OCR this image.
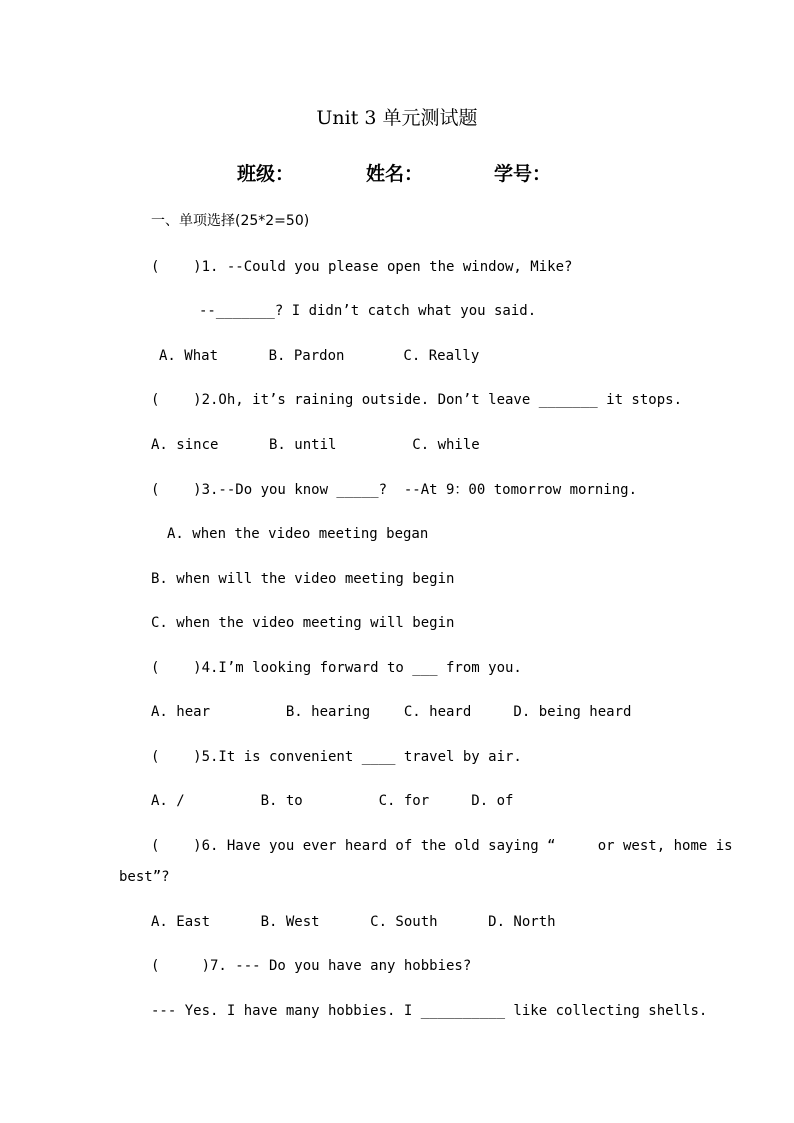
Unit 3 单元测试题
班级：	姓名：	学号：
一、单项选择(25*2=50)
(    )1. --Could you please open the window, Mike?
--_______? I didn’t catch what you said.
A. What      B. Pardon       C. Really
(    )2.Oh, it’s raining outside. Don’t leave _______ it stops.
A. since      B. until         C. while
(    )3.--Do you know _____?  --At 9：00 tomorrow morning.
A. when the video meeting began
B. when will the video meeting begin
C. when the video meeting will begin
(    )4.I’m looking forward to ___ from you.
A. hear         B. hearing    C. heard     D. being heard
(    )5.It is convenient ____ travel by air.
A. /         B. to         C. for     D. of
(    )6. Have you ever heard of the old saying “     or west, home is
best”?
A. East      B. West      C. South      D. North
(     )7. --- Do you have any hobbies?
--- Yes. I have many hobbies. I __________ like collecting shells.
